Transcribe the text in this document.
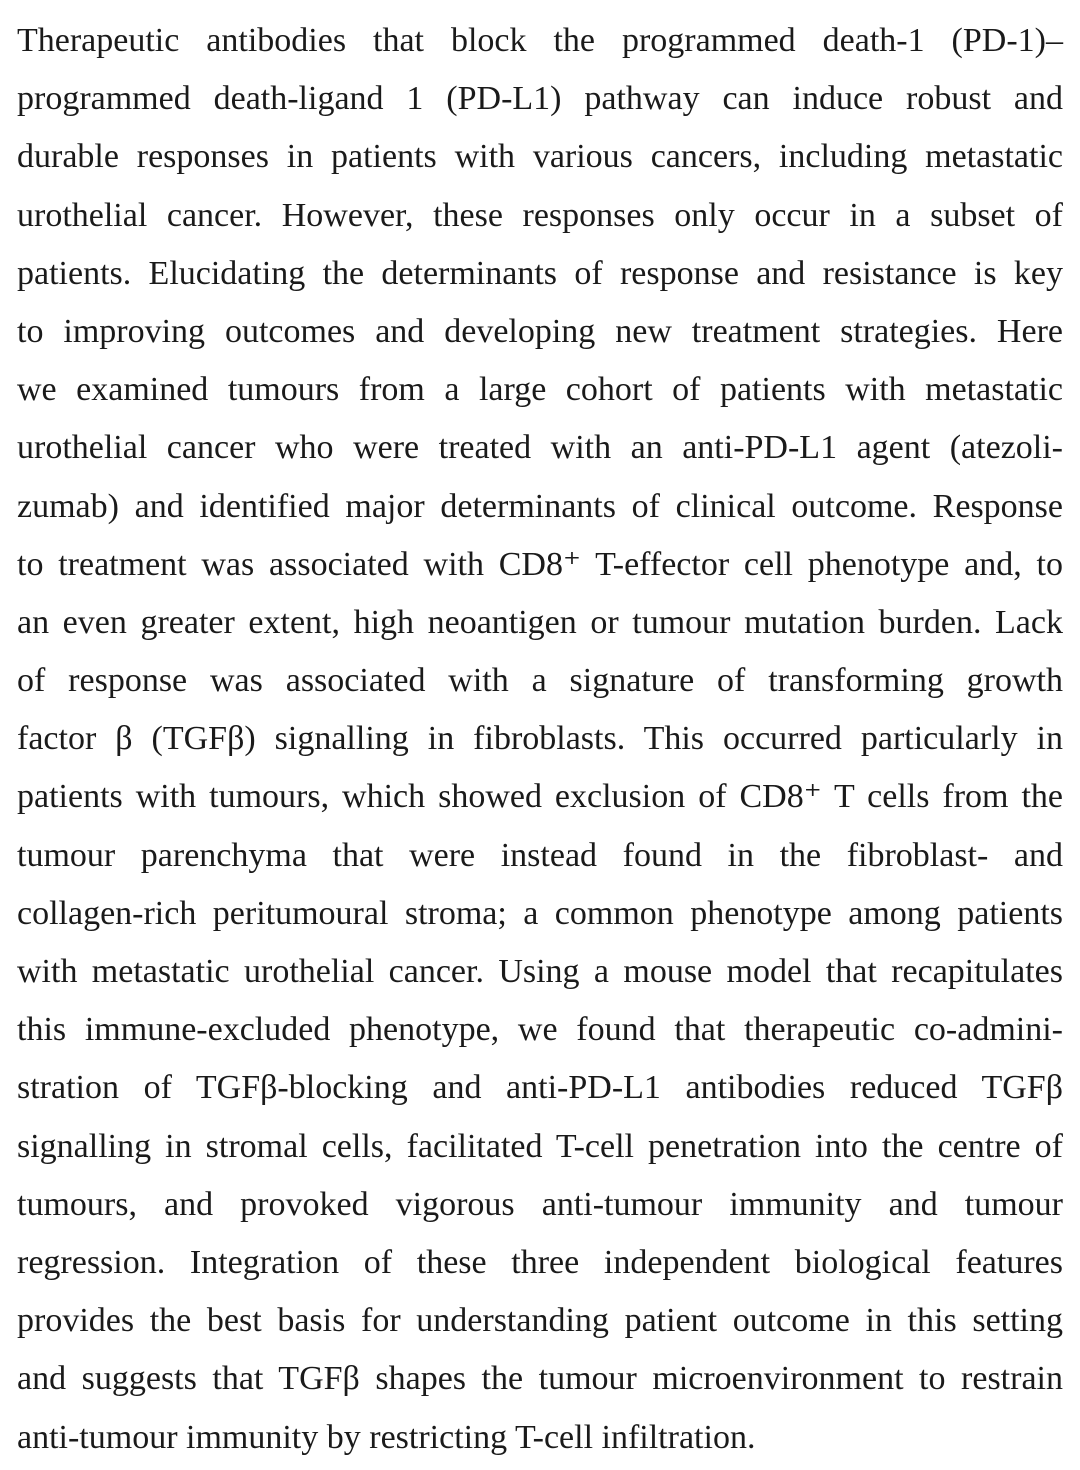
Therapeutic antibodies that block the programmed death-1 (PD-1)–
programmed death-ligand 1 (PD-L1) pathway can induce robust and
durable responses in patients with various cancers, including metastatic
urothelial cancer. However, these responses only occur in a subset of
patients. Elucidating the determinants of response and resistance is key
to improving outcomes and developing new treatment strategies. Here
we examined tumours from a large cohort of patients with metastatic
urothelial cancer who were treated with an anti-PD-L1 agent (atezoli-
zumab) and identified major determinants of clinical outcome. Response
to treatment was associated with CD8⁺ T-effector cell phenotype and, to
an even greater extent, high neoantigen or tumour mutation burden. Lack
of response was associated with a signature of transforming growth
factor β (TGFβ) signalling in fibroblasts. This occurred particularly in
patients with tumours, which showed exclusion of CD8⁺ T cells from the
tumour parenchyma that were instead found in the fibroblast- and
collagen-rich peritumoural stroma; a common phenotype among patients
with metastatic urothelial cancer. Using a mouse model that recapitulates
this immune-excluded phenotype, we found that therapeutic co-admini-
stration of TGFβ-blocking and anti-PD-L1 antibodies reduced TGFβ
signalling in stromal cells, facilitated T-cell penetration into the centre of
tumours, and provoked vigorous anti-tumour immunity and tumour
regression. Integration of these three independent biological features
provides the best basis for understanding patient outcome in this setting
and suggests that TGFβ shapes the tumour microenvironment to restrain
anti-tumour immunity by restricting T-cell infiltration.
